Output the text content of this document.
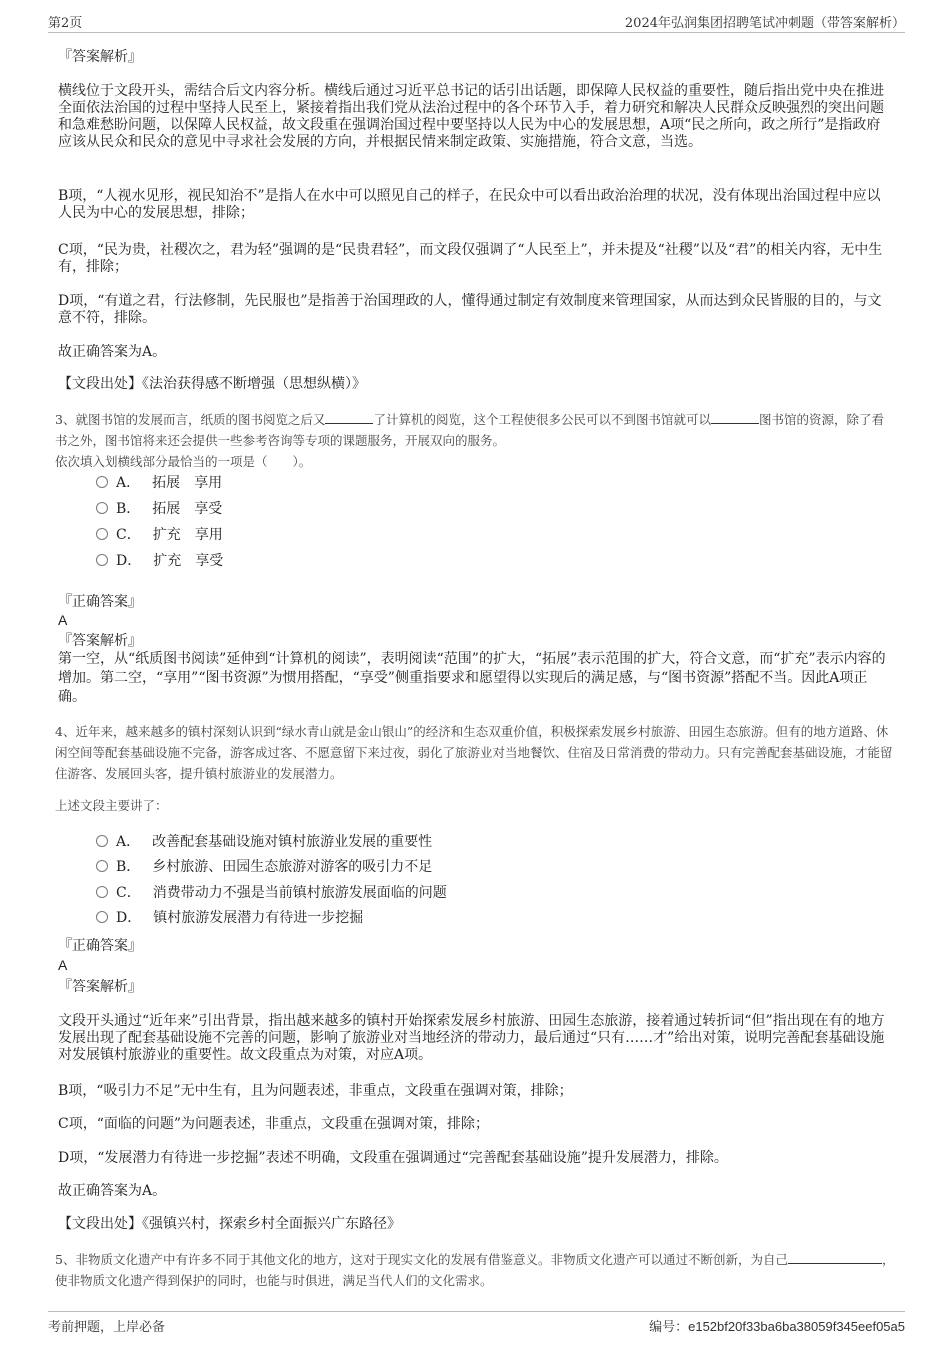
第2页	2024年弘润集团招聘笔试冲刺题（带答案解析）
『答案解析』
横线位于文段开头，需结合后文内容分析。横线后通过习近平总书记的话引出话题，即保障人民权益的重要性，随后指出党中央在推进全面依法治国的过程中坚持人民至上，紧接着指出我们党从法治过程中的各个环节入手，着力研究和解决人民群众反映强烈的突出问题和急难愁盼问题，以保障人民权益，故文段重在强调治国过程中要坚持以人民为中心的发展思想，A项“民之所向，政之所行”是指政府应该从民众和民众的意见中寻求社会发展的方向，并根据民情来制定政策、实施措施，符合文意，当选。
B项，“人视水见形，视民知治不”是指人在水中可以照见自己的样子，在民众中可以看出政治治理的状况，没有体现出治国过程中应以人民为中心的发展思想，排除；
C项，“民为贵，社稷次之，君为轻”强调的是“民贵君轻”，而文段仅强调了“人民至上”，并未提及“社稷”以及“君”的相关内容，无中生有，排除；
D项，“有道之君，行法修制，先民服也”是指善于治国理政的人，懂得通过制定有效制度来管理国家，从而达到众民皆服的目的，与文意不符，排除。
故正确答案为A。
【文段出处】《法治获得感不断增强（思想纵横）》
3、就图书馆的发展而言，纸质的图书阅览之后又	了计算机的阅览，这个工程使很多公民可以不到图书馆就可以	图书馆的资源，除了看书之外，图书馆将来还会提供一些参考咨询等专项的课题服务，开展双向的服务。
依次填入划横线部分最恰当的一项是（　　）。
A． 拓展 享用
B． 拓展 享受
C． 扩充 享用
D． 扩充 享受
『正确答案』
A
『答案解析』
第一空，从“纸质图书阅读”延伸到“计算机的阅读”，表明阅读“范围”的扩大，“拓展”表示范围的扩大，符合文意，而“扩充”表示内容的增加。第二空，“享用”“图书资源”为惯用搭配，“享受”侧重指要求和愿望得以实现后的满足感，与“图书资源”搭配不当。因此A项正确。
4、近年来，越来越多的镇村深刻认识到“绿水青山就是金山银山”的经济和生态双重价值，积极探索发展乡村旅游、田园生态旅游。但有的地方道路、休闲空间等配套基础设施不完备，游客成过客、不愿意留下来过夜，弱化了旅游业对当地餐饮、住宿及日常消费的带动力。只有完善配套基础设施，才能留住游客、发展回头客，提升镇村旅游业的发展潜力。
上述文段主要讲了：
A． 改善配套基础设施对镇村旅游业发展的重要性
B． 乡村旅游、田园生态旅游对游客的吸引力不足
C． 消费带动力不强是当前镇村旅游发展面临的问题
D． 镇村旅游发展潜力有待进一步挖掘
『正确答案』
A
『答案解析』
文段开头通过“近年来”引出背景，指出越来越多的镇村开始探索发展乡村旅游、田园生态旅游，接着通过转折词“但”指出现在有的地方发展出现了配套基础设施不完善的问题，影响了旅游业对当地经济的带动力，最后通过“只有……才”给出对策，说明完善配套基础设施对发展镇村旅游业的重要性。故文段重点为对策，对应A项。
B项，“吸引力不足”无中生有，且为问题表述，非重点，文段重在强调对策，排除；
C项，“面临的问题”为问题表述，非重点，文段重在强调对策，排除；
D项，“发展潜力有待进一步挖掘”表述不明确，文段重在强调通过“完善配套基础设施”提升发展潜力，排除。
故正确答案为A。
【文段出处】《强镇兴村，探索乡村全面振兴广东路径》
5、非物质文化遗产中有许多不同于其他文化的地方，这对于现实文化的发展有借鉴意义。非物质文化遗产可以通过不断创新，为自己	，使非物质文化遗产得到保护的同时，也能与时俱进，满足当代人们的文化需求。
考前押题，上岸必备	编号：e152bf20f33ba6ba38059f345eef05a5
